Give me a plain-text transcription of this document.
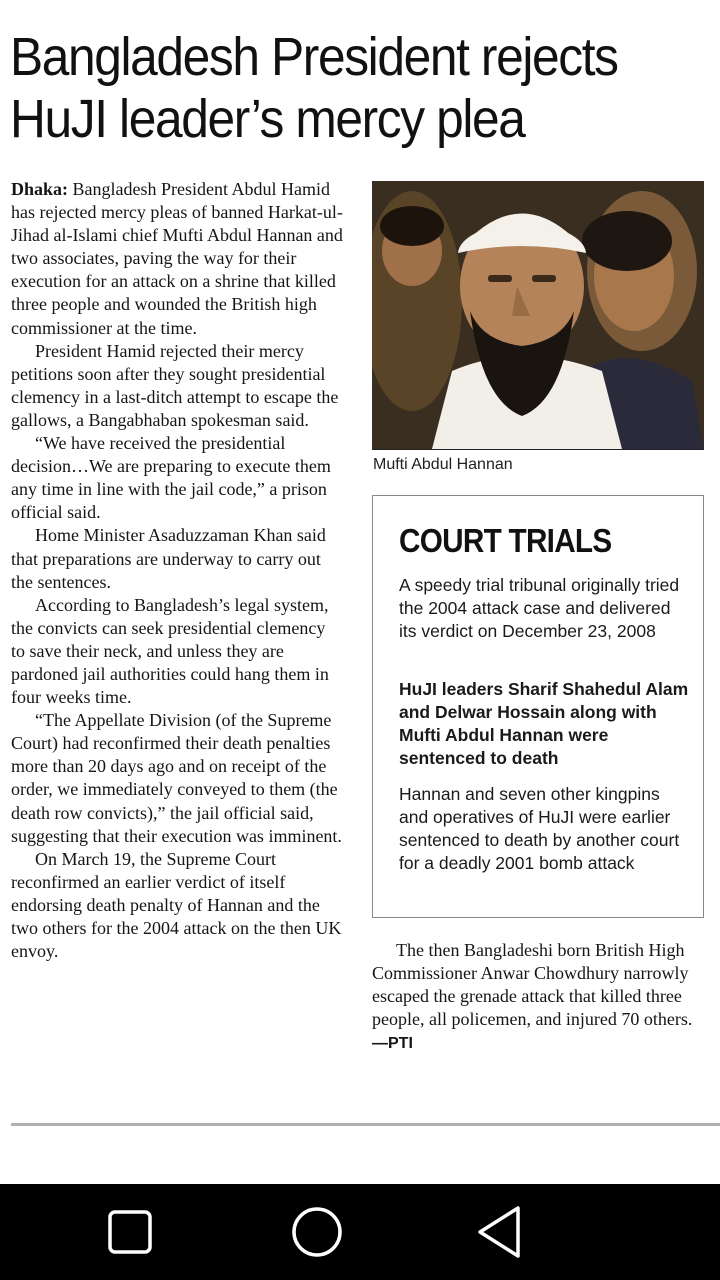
Bangladesh President rejects
HuJI leader’s mercy plea

Dhaka: Bangladesh President Abdul Hamid has rejected mercy pleas of banned Harkat-ul-Jihad al-Islami chief Mufti Abdul Hannan and two associates, paving the way for their execution for an attack on a shrine that killed three people and wounded the British high commissioner at the time.

President Hamid rejected their mercy petitions soon after they sought presidential clemency in a last-ditch attempt to escape the gallows, a Bangabhaban spokesman said.

“We have received the presidential decision…We are preparing to execute them any time in line with the jail code,” a prison official said.

Home Minister Asaduzzaman Khan said that preparations are underway to carry out the sentences.

According to Bangladesh’s legal system, the convicts can seek presidential clemency to save their neck, and unless they are pardoned jail authorities could hang them in four weeks time.

“The Appellate Division (of the Supreme Court) had reconfirmed their death penalties more than 20 days ago and on receipt of the order, we immediately conveyed to them (the death row convicts),” the jail official said, suggesting that their execution was imminent.

On March 19, the Supreme Court reconfirmed an earlier verdict of itself endorsing death penalty of Hannan and the two others for the 2004 attack on the then UK envoy.

Mufti Abdul Hannan
COURT TRIALS

A speedy trial tribunal originally tried the 2004 attack case and delivered its verdict on December 23, 2008

HuJI leaders Sharif Shahedul Alam and Delwar Hossain along with Mufti Abdul Hannan were sentenced to death

Hannan and seven other kingpins and operatives of HuJI were earlier sentenced to death by another court for a deadly 2001 bomb attack

The then Bangladeshi born British High Commissioner Anwar Chowdhury narrowly escaped the grenade attack that killed three people, all policemen, and injured 70 others. —PTI
